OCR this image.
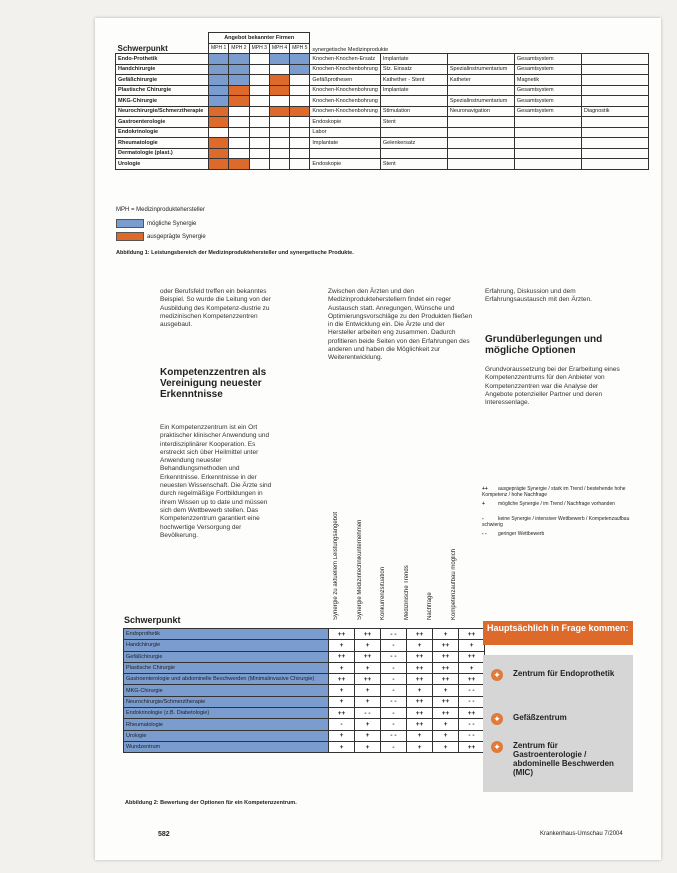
	Angebot bekannter Firmen									
Schwerpunkt	MPH 1	MPH 2	MPH 3	MPH 4	MPH 5	synergetische Medizinprodukte				
Endo-Prothetik						Knochen-Knochen-Ersatz	Implantate		Gesamtsystem	
Handchirurgie						Knochen-Knochenbohrung	Stz. Einsatz	Spezialinstrumentarium	Gesamtsystem	
Gefäßchirurgie						Gefäßprothesen	Kathether - Stent	Katheter	Magnetik	
Plastische Chirurgie						Knochen-Knochenbohrung	Implantate		Gesamtsystem	
MKG-Chirurgie						Knochen-Knochenbohrung		Spezialinstrumentarium	Gesamtsystem	
Neurochirurgie/Schmerztherapie						Knochen-Knochenbohrung	Stimulation	Neuronavigation	Gesamtsystem	Diagnostik
Gastroenterologie						Endoskopie	Stent			
Endokrinologie						Labor				
Rheumatologie						Implantate	Gelenkersatz			
Dermatologie (plast.)										
Urologie						Endoskopie	Stent			
MPH = Medizinproduktehersteller
mögliche Synergie
ausgeprägte Synergie
Abbildung 1: Leistungsbereich der Medizinproduktehersteller und synergetische Produkte.
oder Berufsfeld treffen ein bekanntes Beispiel. So wurde die Leitung von der Ausbildung des Kompetenz-dustrie zu medizinischen Kompetenzzentren ausgebaut.
Kompetenzzentren als Vereinigung neuester Erkenntnisse
Ein Kompetenzzentrum ist ein Ort praktischer klinischer Anwendung und interdisziplinärer Kooperation. Es erstreckt sich über Heilmittel unter Anwendung neuester Behandlungsmethoden und Erkenntnisse. Erkenntnisse in der neuesten Wissenschaft. Die Ärzte sind durch regelmäßige Fortbildungen in ihrem Wissen up to date und müssen sich dem Wettbewerb stellen. Das Kompetenzzentrum garantiert eine hochwertige Versorgung der Bevölkerung.
Zwischen den Ärzten und den Medizinprodukteherstellern findet ein reger Austausch statt. Anregungen, Wünsche und Optimierungsvorschläge zu den Produkten fließen in die Entwicklung ein. Die Ärzte und der Hersteller arbeiten eng zusammen. Dadurch profitieren beide Seiten von den Erfahrungen des anderen und haben die Möglichkeit zur Weiterentwicklung.
Erfahrung, Diskussion und dem Erfahrungsaustausch mit den Ärzten.
Grundüberlegungen und mögliche Optionen
Grundvoraussetzung bei der Erarbeitung eines Kompetenzzentrums für den Anbieter von Kompetenzzentren war die Analyse der Angebote potenzieller Partner und deren Interessenlage.
Synergie zu aktuellem Leistungsangebot	Synergie Medizintechnikunternehmen	Konkurrenzsituation	Medizinische Trends	Nachfrage	Kompetenzaufbau möglich
Schwerpunkt
Endoprothetik	++	++	- -	++	+	++
Handchirurgie	+	+	-	+	++	+
Gefäßchirurgie	++	++	- -	++	++	++
Plastische Chirurgie	+	+	-	++	++	+
Gastroenterologie und abdominelle Beschwerden (Minimalinvasive Chirurgie)	++	++	-	++	++	++
MKG-Chirurgie	+	+	-	+	+	- -
Neurochirurgie/Schmerztherapie	+	+	- -	++	++	- -
Endokrinologie (z.B. Diabetologie)	++	- -	-	++	++	++
Rheumatologie	-	+	-	++	+	- -
Urologie	+	+	- -	+	+	- -
Wundzentrum	+	+	-	+	+	++
++ ausgeprägte Synergie / stark im Trend / bestehende hohe Kompetenz / hohe Nachfrage
+	mögliche Synergie / im Trend / Nachfrage vorhanden
-	keine Synergie / intensiver Wettbewerb / Kompetenzaufbau schwierig
- - geringer Wettbewerb
Hauptsächlich in Frage kommen:
✦ Zentrum für Endoprothetik
✦ Gefäßzentrum
✦ Zentrum für Gastroenterologie / abdominelle Beschwerden (MIC)
Abbildung 2: Bewertung der Optionen für ein Kompetenzzentrum.
582	Krankenhaus-Umschau 7/2004
